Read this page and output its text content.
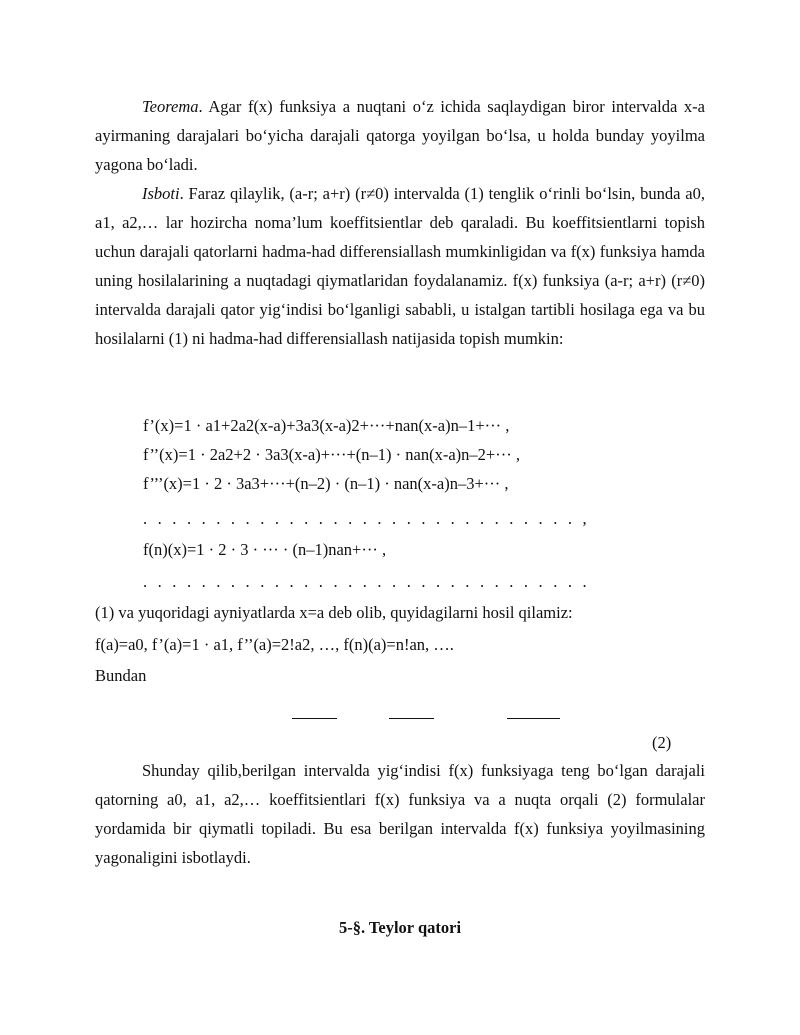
Teorema. Agar f(x) funksiya a nuqtani o‘z ichida saqlaydigan biror intervalda x-a ayirmaning darajalari bo‘yicha darajali qatorga yoyilgan bo‘lsa, u holda bunday yoyilma yagona bo‘ladi.
Isboti. Faraz qilaylik, (a-r; a+r) (r≠0) intervalda (1) tenglik o‘rinli bo‘lsin, bunda a0, a1, a2,… lar hozircha noma’lum koeffitsientlar deb qaraladi. Bu koeffitsientlarni topish uchun darajali qatorlarni hadma-had differensiallash mumkinligidan va f(x) funksiya hamda uning hosilalarining a nuqtadagi qiymatlaridan foydalanamiz. f(x) funksiya (a-r; a+r) (r≠0) intervalda darajali qator yig‘indisi bo‘lganligi sababli, u istalgan tartibli hosilaga ega va bu hosilalarni (1) ni hadma-had differensiallash natijasida topish mumkin:
f’(x)=1 · a1+2a2(x-a)+3a3(x-a)2+···+nan(x-a)n–1+··· ,
f’’(x)=1 · 2a2+2 · 3a3(x-a)+···+(n–1) · nan(x-a)n–2+··· ,
f’’’(x)=1 · 2 · 3a3+···+(n–2) · (n–1) · nan(x-a)n–3+··· ,
. . . . . . . . . . . . . . . . . . . . . . . . . . . . . . ,
f(n)(x)=1 · 2 · 3 · ··· · (n–1)nan+··· ,
. . . . . . . . . . . . . . . . . . . . . . . . . . . . . . .
(1) va yuqoridagi ayniyatlarda x=a deb olib, quyidagilarni hosil qilamiz:
f(a)=a0, f’(a)=1 · a1, f’’(a)=2!a2, …, f(n)(a)=n!an, ….
Bundan
(2)
Shunday qilib,berilgan intervalda yig‘indisi f(x) funksiyaga teng bo‘lgan darajali qatorning a0, a1, a2,… koeffitsientlari f(x) funksiya va a nuqta orqali (2) formulalar yordamida bir qiymatli topiladi. Bu esa berilgan intervalda f(x) funksiya yoyilmasining yagonaligini isbotlaydi.
5-§. Teylor qatori
